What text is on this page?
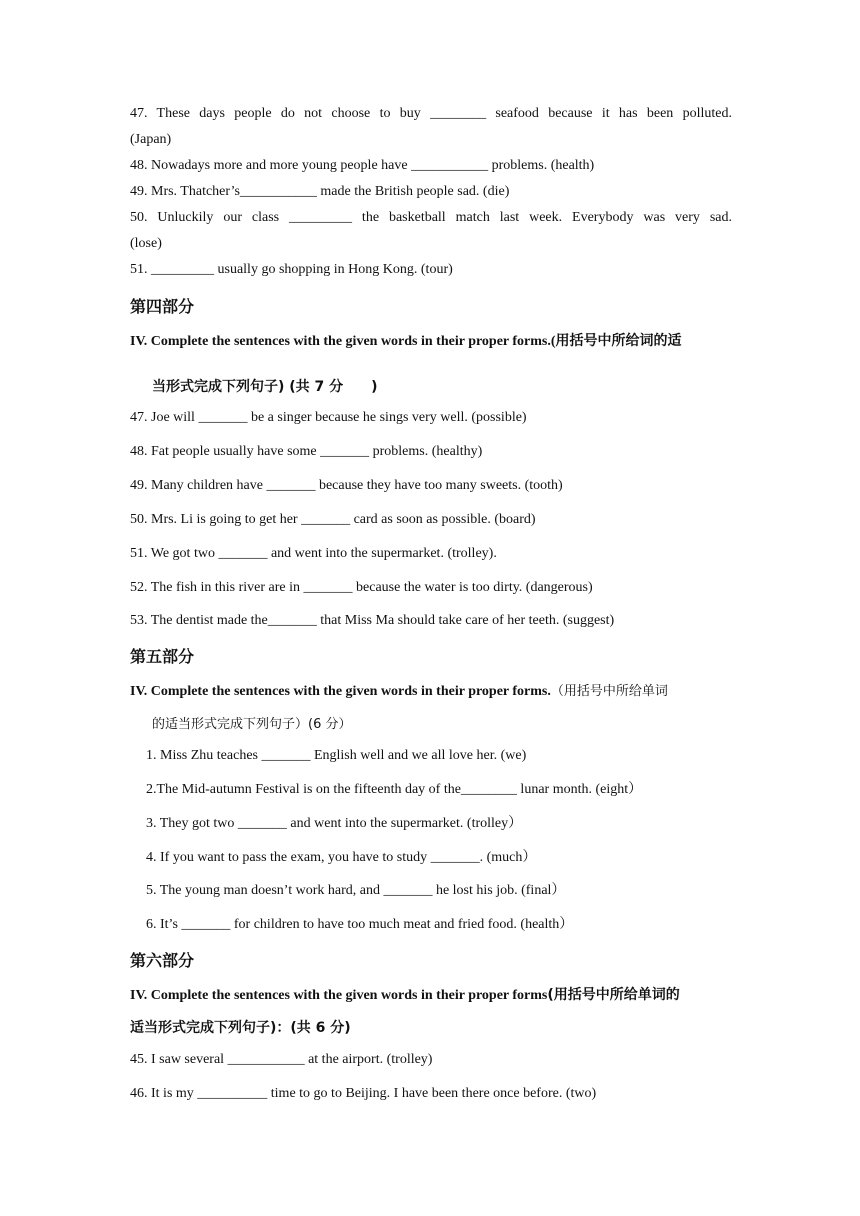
47. These days people do not choose to buy ________ seafood because it has been polluted.
(Japan)
48. Nowadays more and more young people have ___________ problems. (health)
49. Mrs. Thatcher’s___________ made the British people sad. (die)
50. Unluckily our class _________ the basketball match last week. Everybody was very sad.
(lose)
51. _________ usually go shopping in Hong Kong. (tour)
第四部分
IV. Complete the sentences with the given words in their proper forms.(用括号中所给词的适
当形式完成下列句子) (共 7 分　　)
47. Joe will _______ be a singer because he sings very well. (possible)
48. Fat people usually have some _______ problems. (healthy)
49. Many children have _______ because they have too many sweets. (tooth)
50. Mrs. Li is going to get her _______ card as soon as possible. (board)
51. We got two _______ and went into the supermarket. (trolley).
52. The fish in this river are in _______ because the water is too dirty. (dangerous)
53. The dentist made the_______ that Miss Ma should take care of her teeth. (suggest)
第五部分
IV. Complete the sentences with the given words in their proper forms.（用括号中所给单词
的适当形式完成下列句子）(6 分）
1. Miss Zhu teaches _______ English well and we all love her. (we)
2.The Mid-autumn Festival is on the fifteenth day of the________ lunar month. (eight）
3. They got two _______ and went into the supermarket. (trolley）
4. If you want to pass the exam, you have to study _______. (much）
5. The young man doesn’t work hard, and _______ he lost his job. (final）
6. It’s _______ for children to have too much meat and fried food. (health）
第六部分
IV. Complete the sentences with the given words in their proper forms(用括号中所给单词的
适当形式完成下列句子)：(共 6 分)
45. I saw several ___________ at the airport. (trolley)
46. It is my __________ time to go to Beijing. I have been there once before. (two)
